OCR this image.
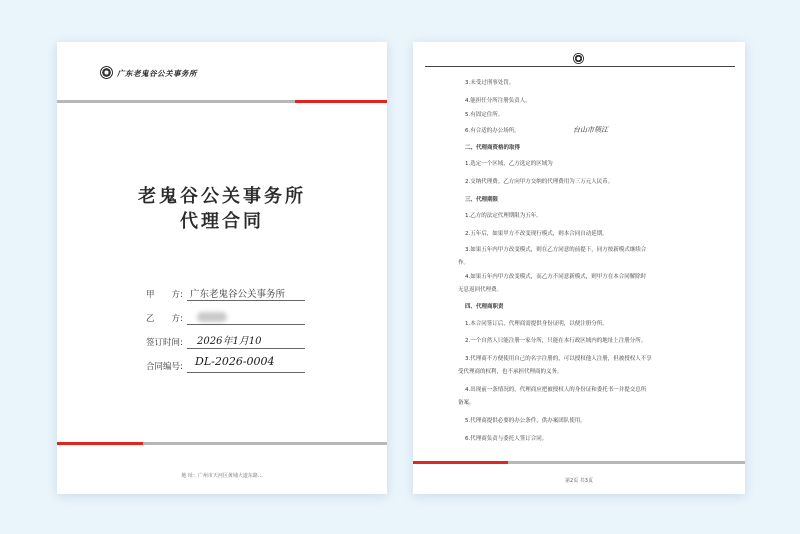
广东老鬼谷公关事务所
老鬼谷公关事务所
代理合同
甲　　方: 广东老鬼谷公关事务所
乙　　方:
签订时间: 2026年1月10
合同编号: DL-2026-0004
地 址：广州市天河区黄埔大道东路...
3.未受过刑事处罚。
4.能担任分所注册负责人。
5.有固定住所。
6.有合适的办公场所。
二、代理商资格的取得
1.选定一个区域，乙方选定的区域为
2.交纳代理费。乙方向甲方交纳的代理费用为三万元人民币。
三、代理期限
1.乙方的法定代理期限为五年。
2.五年后，如果甲方不改变现行模式，则本合同自动延期。
3.如果五年内甲方改变模式，则在乙方同意的前提下，同方按新模式继续合
作。
4.如果五年内甲方改变模式，而乙方不同意新模式，则甲方在本合同解除时
无息返回代理费。
四、代理商职责
1.本合同签订后，代理商需提供身份证明，以便注册分所。
2.一个自然人只能注册一家分所，只能在本行政区域内的地址上注册分所。
3.代理商不方便使用自己的名字注册的，可以授权他人注册，但被授权人不享
受代理商的权利，也不承担代理商的义务。
4.出现前一条情况的，代理商应把被授权人的身份证和委托书一并提交总所
备案。
5.代理商提供必要的办公条件，供办案团队使用。
6.代理商负责与委托人签订合同。
台山市领江
第2页 共3页
